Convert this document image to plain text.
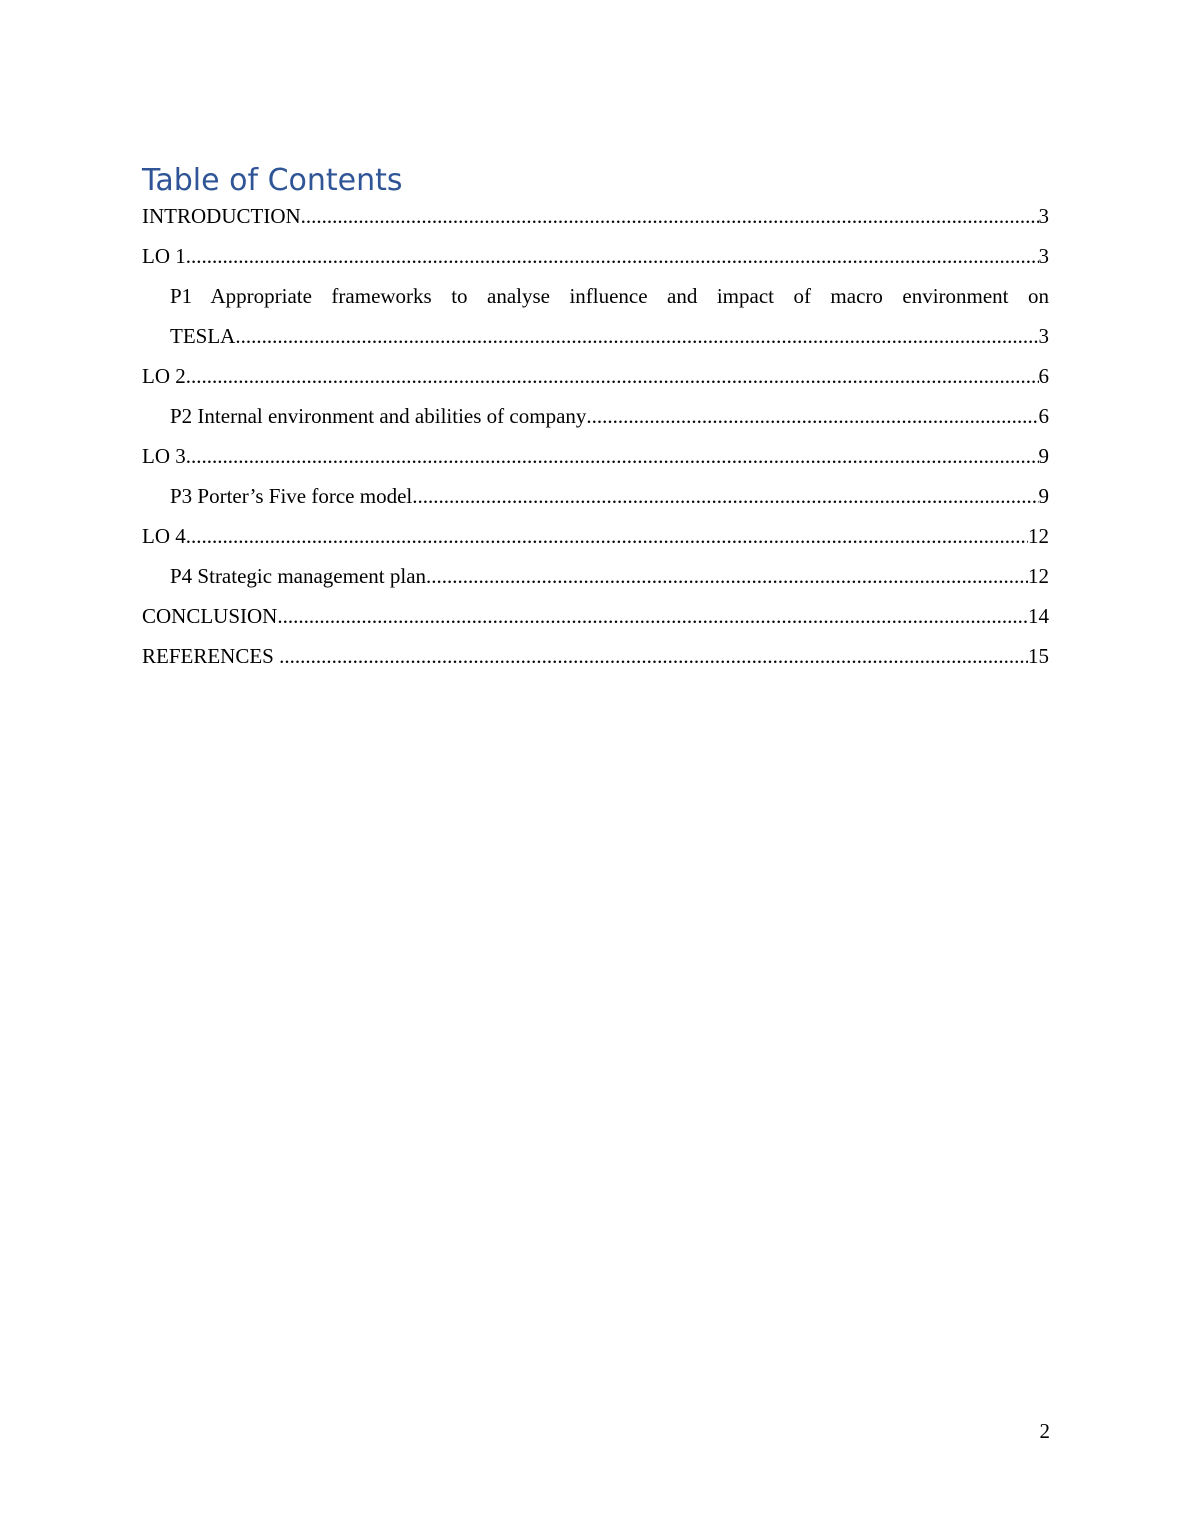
Table of Contents
INTRODUCTION .....	3
LO 1 .....	3
P1 Appropriate frameworks to analyse influence and impact of macro environment on
TESLA .....	3
LO 2 .....	6
P2 Internal environment and abilities of company .....	6
LO 3 .....	9
P3 Porter’s Five force model .....	9
LO 4 .....	12
P4 Strategic management plan .....	12
CONCLUSION .....	14
REFERENCES .....	15
2
